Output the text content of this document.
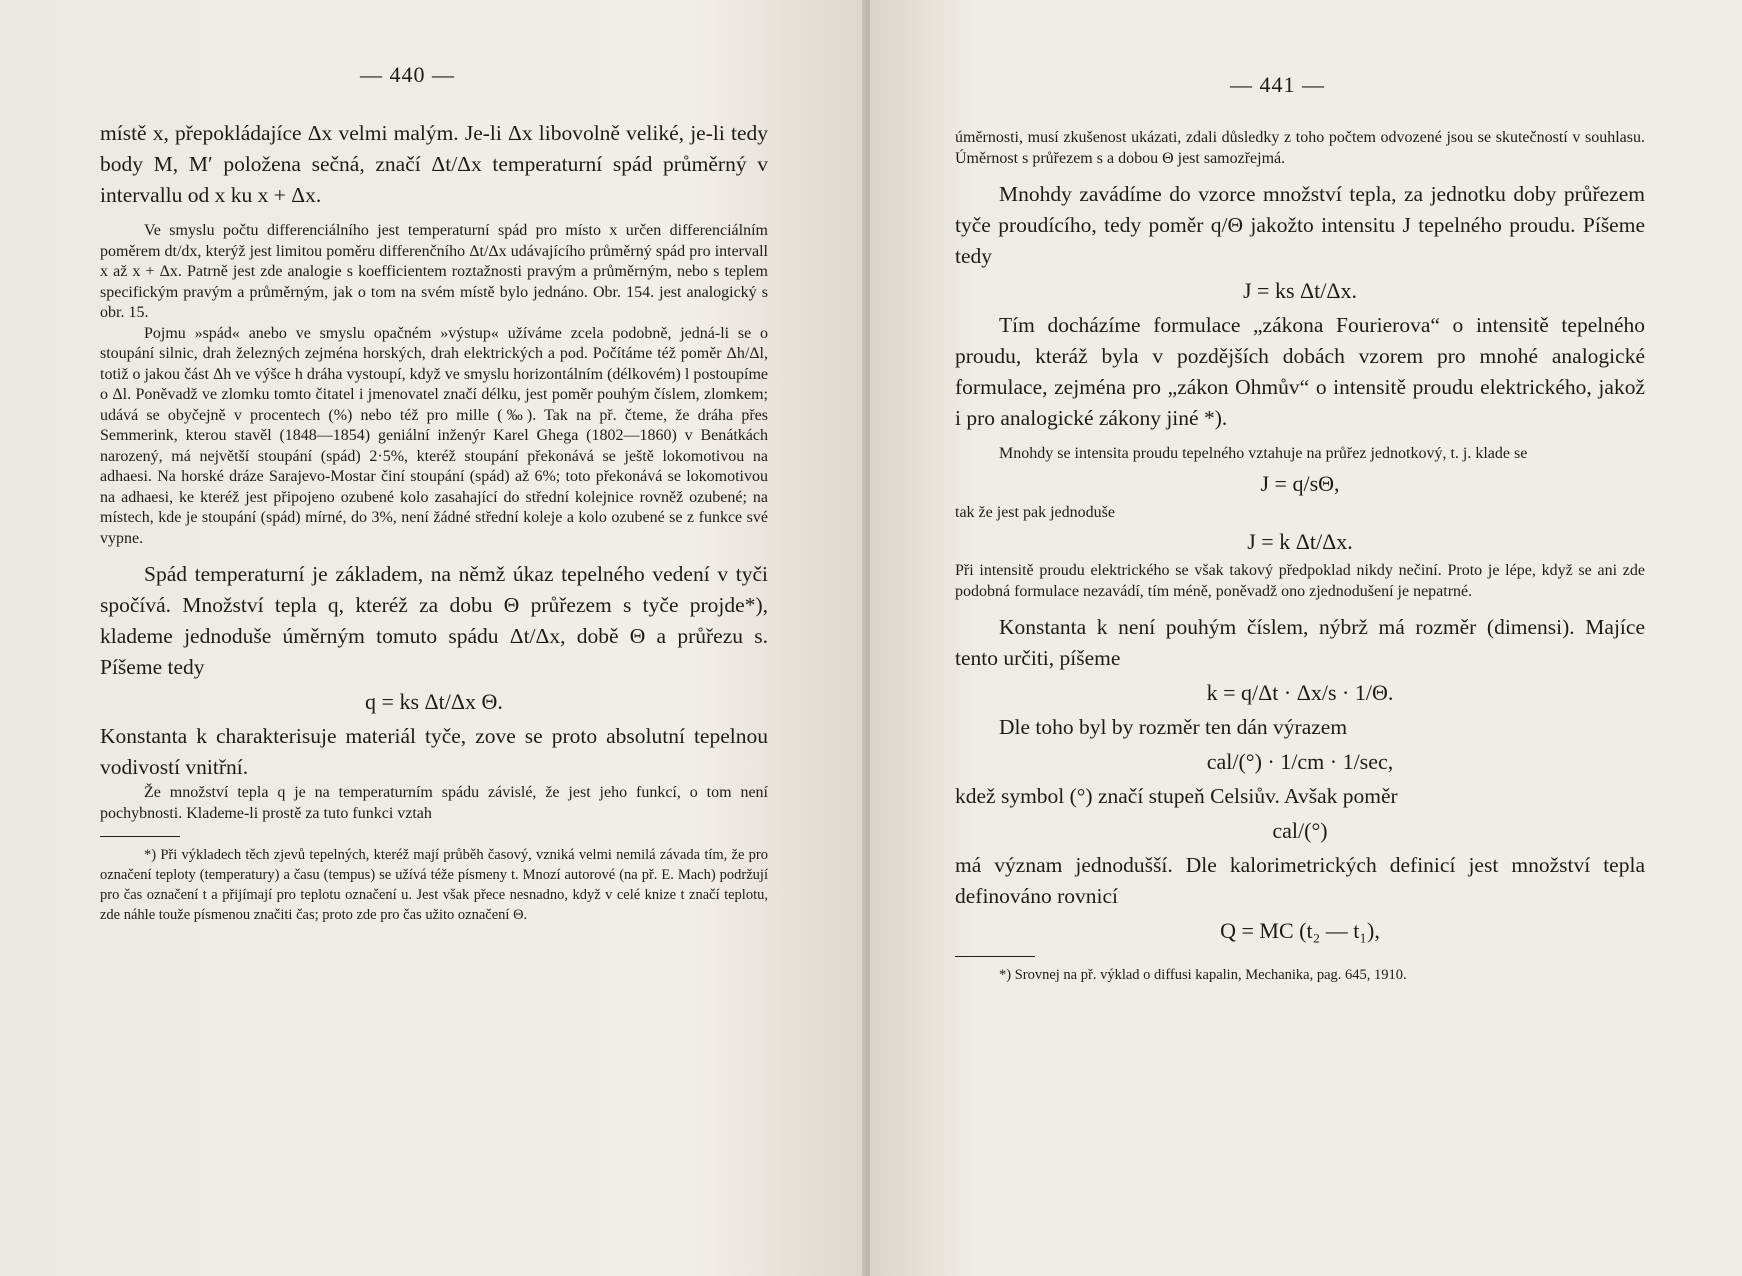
— 440 —

místě x, přepokládajíce Δx velmi malým. Je-li Δx libovolně veliké, je-li tedy body M, M′ položena sečná, značí Δt/Δx temperaturní spád průměrný v intervallu od x ku x + Δx.

Ve smyslu počtu differenciálního jest temperaturní spád pro místo x určen differenciálním poměrem dt/dx, kterýž jest limitou poměru differenčního Δt/Δx udávajícího průměrný spád pro intervall x až x + Δx. Patrně jest zde analogie s koefficientem roztažnosti pravým a průměrným, nebo s teplem specifickým pravým a průměrným, jak o tom na svém místě bylo jednáno. Obr. 154. jest analogický s obr. 15.

Pojmu »spád« anebo ve smyslu opačném »výstup« užíváme zcela podobně, jedná-li se o stoupání silnic, drah železných zejména horských, drah elektrických a pod. Počítáme též poměr Δh/Δl, totiž o jakou část Δh ve výšce h dráha vystoupí, když ve smyslu horizontálním (délkovém) l postoupíme o Δl. Poněvadž ve zlomku tomto čitatel i jmenovatel značí délku, jest poměr pouhým číslem, zlomkem; udává se obyčejně v procentech (%) nebo též pro mille (‰). Tak na př. čteme, že dráha přes Semmerink, kterou stavěl (1848—1854) geniální inženýr Karel Ghega (1802—1860) v Benátkách narozený, má největší stoupání (spád) 2·5%, kteréž stoupání překonává se ještě lokomotivou na adhaesi. Na horské dráze Sarajevo-Mostar činí stoupání (spád) až 6%; toto překonává se lokomotivou na adhaesi, ke kteréž jest připojeno ozubené kolo zasahající do střední kolejnice rovněž ozubené; na místech, kde je stoupání (spád) mírné, do 3%, není žádné střední koleje a kolo ozubené se z funkce své vypne.

Spád temperaturní je základem, na němž úkaz tepelného vedení v tyči spočívá. Množství tepla q, kteréž za dobu Θ průřezem s tyče projde*), klademe jednoduše úměrným tomuto spádu Δt/Δx, době Θ a průřezu s. Píšeme tedy

q = ks Δt/Δx Θ.

Konstanta k charakterisuje materiál tyče, zove se proto absolutní tepelnou vodivostí vnitřní.

Že množství tepla q je na temperaturním spádu závislé, že jest jeho funkcí, o tom není pochybnosti. Klademe-li prostě za tuto funkci vztah

*) Při výkladech těch zjevů tepelných, kteréž mají průběh časový, vzniká velmi nemilá závada tím, že pro označení teploty (temperatury) a času (tempus) se užívá téže písmeny t. Mnozí autorové (na př. E. Mach) podržují pro čas označení t a přijímají pro teplotu označení u. Jest však přece nesnadno, když v celé knize t značí teplotu, zde náhle touže písmenou značiti čas; proto zde pro čas užito označení Θ.

— 441 —

úměrnosti, musí zkušenost ukázati, zdali důsledky z toho počtem odvozené jsou se skutečností v souhlasu. Úměrnost s průřezem s a dobou Θ jest samozřejmá.

Mnohdy zavádíme do vzorce množství tepla, za jednotku doby průřezem tyče proudícího, tedy poměr q/Θ jakožto intensitu J tepelného proudu. Píšeme tedy

J = ks Δt/Δx.

Tím docházíme formulace „zákona Fourierova“ o intensitě tepelného proudu, kteráž byla v pozdějších dobách vzorem pro mnohé analogické formulace, zejména pro „zákon Ohmův“ o intensitě proudu elektrického, jakož i pro analogické zákony jiné *).

Mnohdy se intensita proudu tepelného vztahuje na průřez jednotkový, t. j. klade se

J = q/sΘ,

tak že jest pak jednoduše

J = k Δt/Δx.

Při intensitě proudu elektrického se však takový předpoklad nikdy nečiní. Proto je lépe, když se ani zde podobná formulace nezavádí, tím méně, poněvadž ono zjednodušení je nepatrné.

Konstanta k není pouhým číslem, nýbrž má rozměr (dimensi). Majíce tento určiti, píšeme

k = q/Δt · Δx/s · 1/Θ.

Dle toho byl by rozměr ten dán výrazem

cal/(°) · 1/cm · 1/sec,

kdež symbol (°) značí stupeň Celsiův. Avšak poměr

cal/(°)

má význam jednodušší. Dle kalorimetrických definicí jest množství tepla definováno rovnicí

Q = MC (t₂ — t₁),

*) Srovnej na př. výklad o diffusi kapalin, Mechanika, pag. 645, 1910.
